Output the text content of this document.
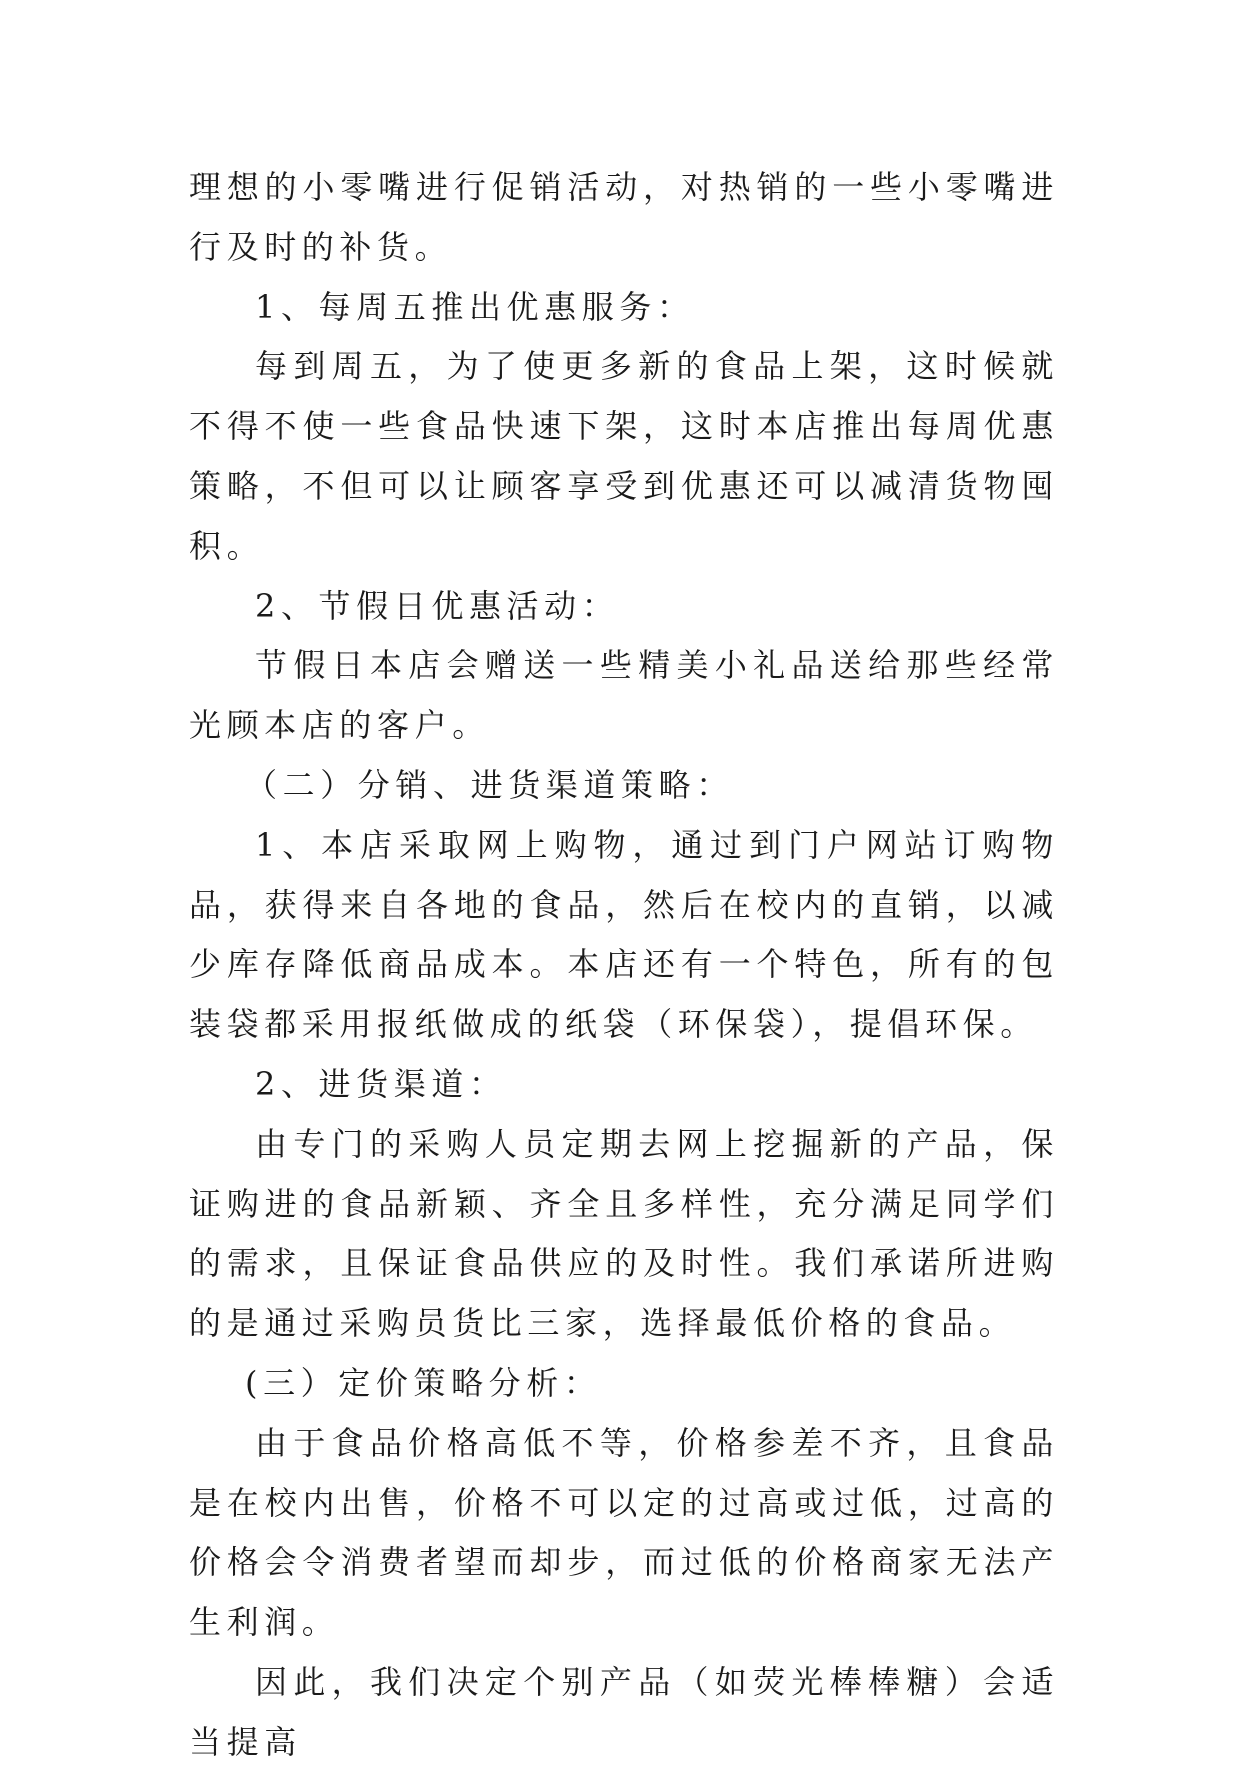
理想的小零嘴进行促销活动，对热销的一些小零嘴进行及时的补货。

1、每周五推出优惠服务：

每到周五，为了使更多新的食品上架，这时候就不得不使一些食品快速下架，这时本店推出每周优惠策略，不但可以让顾客享受到优惠还可以减清货物囤积。

2、节假日优惠活动：

节假日本店会赠送一些精美小礼品送给那些经常光顾本店的客户。

（二）分销、进货渠道策略：

1、本店采取网上购物，通过到门户网站订购物品，获得来自各地的食品，然后在校内的直销，以减少库存降低商品成本。本店还有一个特色，所有的包装袋都采用报纸做成的纸袋（环保袋），提倡环保。

2、进货渠道：

由专门的采购人员定期去网上挖掘新的产品，保证购进的食品新颖、齐全且多样性，充分满足同学们的需求，且保证食品供应的及时性。我们承诺所进购的是通过采购员货比三家，选择最低价格的食品。

(三）定价策略分析：

由于食品价格高低不等，价格参差不齐，且食品是在校内出售，价格不可以定的过高或过低，过高的价格会令消费者望而却步，而过低的价格商家无法产生利润。

因此，我们决定个别产品（如荧光棒棒糖）会适当提高
